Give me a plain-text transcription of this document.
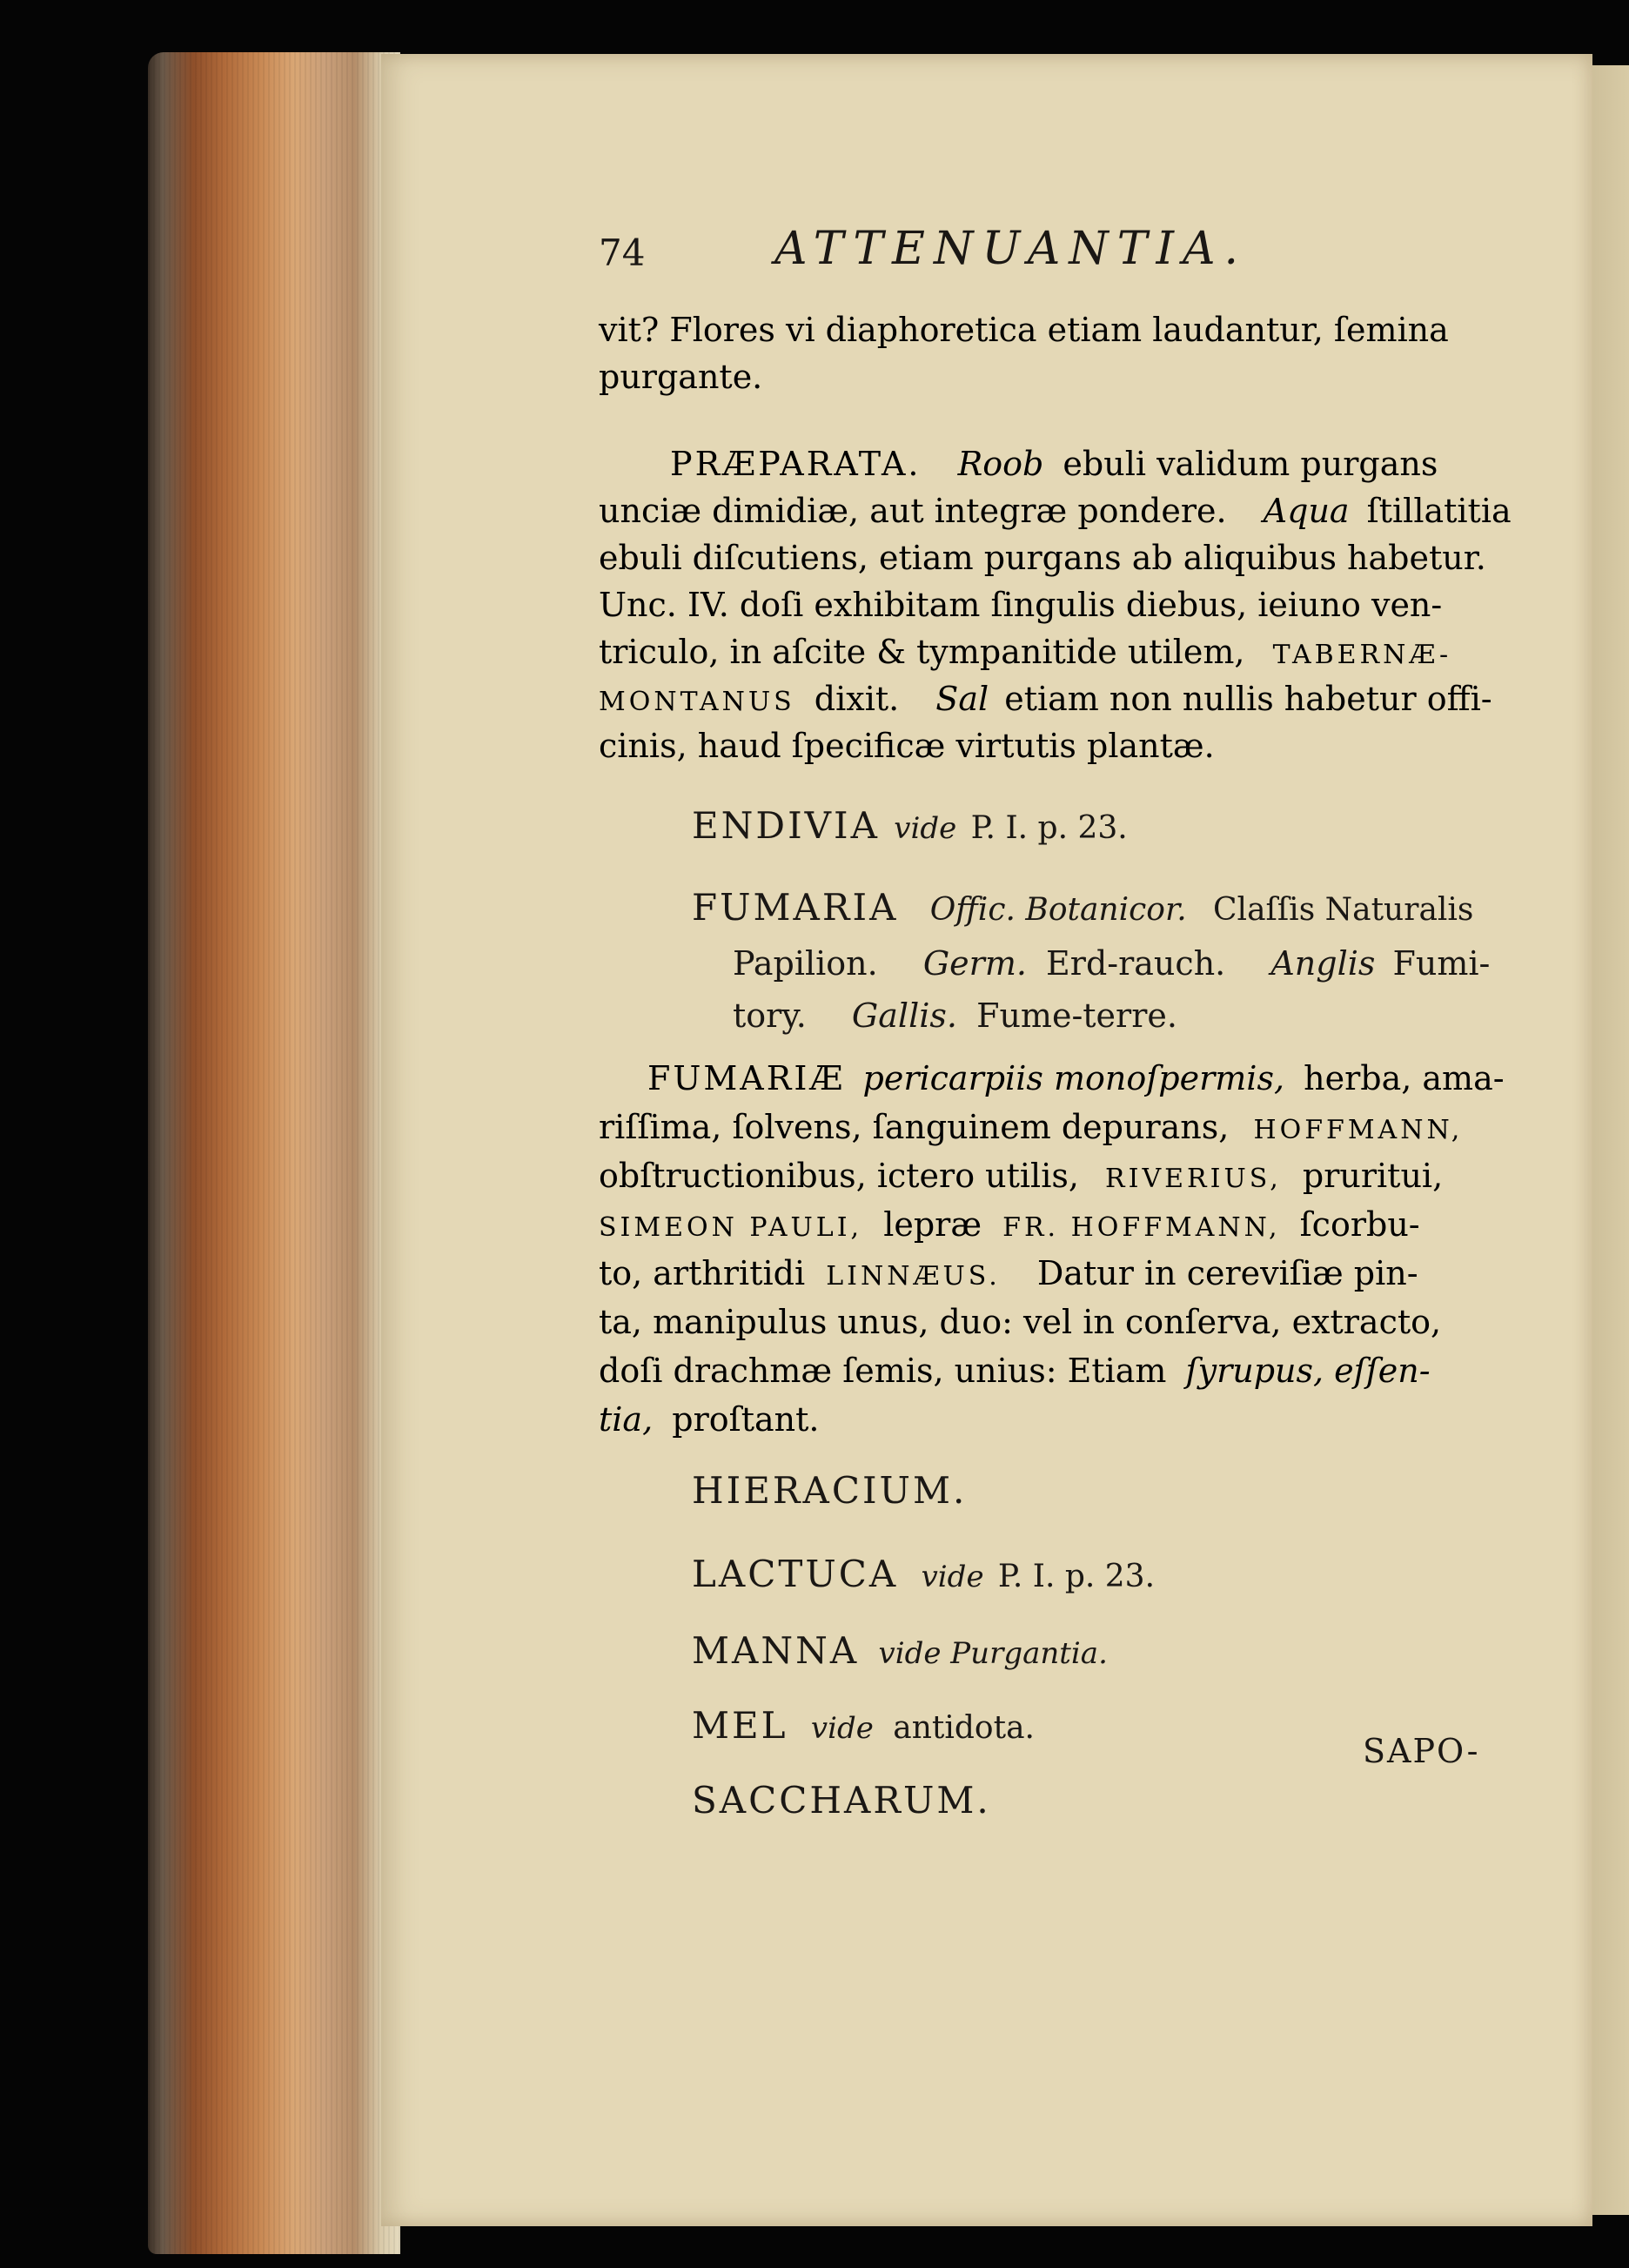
74	ATTENUANTIA.
vit? Flores vi diaphoretica etiam laudantur, ſemina
purgante.
PRÆPARATA. Roob ebuli validum purgans
unciæ dimidiæ, aut integræ pondere. Aqua ſtillatitia
ebuli diſcutiens, etiam purgans ab aliquibus habetur.
Unc. IV. doſi exhibitam ſingulis diebus, ieiuno ven-
triculo, in aſcite & tympanitide utilem, TABERNÆ-
MONTANUS dixit. Sal etiam non nullis habetur offi-
cinis, haud ſpecificæ virtutis plantæ.
ENDIVIA vide P. I. p. 23.
FUMARIA Offic. Botanicor. Claſſis Naturalis
Papilion. Germ. Erd-rauch. Anglis Fumi-
tory. Gallis. Fume-terre.
FUMARIÆ pericarpiis monoſpermis, herba, ama-
riſſima, ſolvens, ſanguinem depurans, HOFFMANN,
obſtructionibus, ictero utilis, RIVERIUS, pruritui,
SIMEON PAULI, lepræ FR. HOFFMANN, ſcorbu-
to, arthritidi LINNÆUS. Datur in cereviſiæ pin-
ta, manipulus unus, duo: vel in conſerva, extracto,
doſi drachmæ ſemis, unius: Etiam ſyrupus, eſſen-
tia, proſtant.
HIERACIUM.
LACTUCA vide P. I. p. 23.
MANNA vide Purgantia.
MEL vide antidota.
SACCHARUM.
SAPO-
